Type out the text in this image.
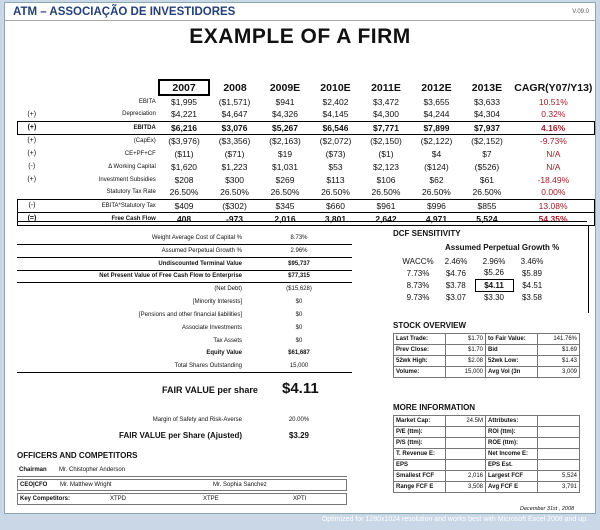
ATM – ASSOCIAÇÃO DE INVESTIDORES	V.09.0
EXAMPLE OF A FIRM
		2007	2008	2009E	2010E	2011E	2012E	2013E	CAGR(Y07/Y13)
	EBITA	$1,995	($1,571)	$941	$2,402	$3,472	$3,655	$3,633	10.51%
(+)	Depreciation	$4,221	$4,647	$4,326	$4,145	$4,300	$4,244	$4,304	0.32%
(+)	EBITDA	$6,216	$3,076	$5,267	$6,546	$7,771	$7,899	$7,937	4.16%
(+)	(CapEx)	($3,976)	($3,356)	($2,163)	($2,072)	($2,150)	($2,122)	($2,152)	-9.73%
(+)	CE+PF+CF	($11)	($71)	$19	($73)	($1)	$4	$7	N/A
(-)	Δ Working Capital	$1,620	$1,223	$1,031	$53	$2,123	($124)	($526)	N/A
(+)	Investment Subsidies	$208	$300	$269	$113	$106	$62	$61	-18.49%
	Statutory Tax Rate	26.50%	26.50%	26.50%	26.50%	26.50%	26.50%	26.50%	0.00%
(-)	EBITA*Statutory Tax	$409	($302)	$345	$660	$961	$996	$855	13.08%
(=)	Free Cash Flow	408	-973	2,016	3,801	2,642	4,971	5,524	54.35%
Weight Average Cost of Capital %	8.73%
Assumed Perpetual Growth %	2.96%
Undiscounted Terminal Value	$95,737
Net Present Value of Free Cash Flow to Enterprise	$77,315
(Net Debt)	($15,628)
[Minority Interests]	$0
[Pensions and other financial liabilities]	$0
Associate Investments	$0
Tax Assets	$0
Equity Value	$61,687
Total Shares Outstanding	15,000
FAIR VALUE per share $4.11
Margin of Safety and Risk-Averse	20.00%
FAIR VALUE per Share (Ajusted)	$3.29
OFFICERS AND COMPETITORS
Chairman Mr. Chistopher Anderson
CEO|CFO Mr. Matthew Wright	Mr. Sophia Sanchez
Key Competitors:	XTPD	XTPE	XPTI
DCF SENSITIVITY
Assumed Perpetual Growth %
WACC%	2.46%	2.96%	3.46%
7.73%	$4.76	$5.26	$5.89
8.73%	$3.78	$4.11	$4.51
9.73%	$3.07	$3.30	$3.58
STOCK OVERVIEW
Last Trade:	$1.70	to Fair Value:	141.76%
Prev Close:	$1.70	Bid	$1.69
52wk High:	$2.08	52wk Low:	$1.43
Volume:	15,000	Avg Vol (3n	3,009
MORE INFORMATION
Market Cap:	24.5M	Attributes:	
P/E (ttm):		ROI (ttm):	
P/S (ttm):		ROE (ttm):	
T. Revenue E:		Net Income E:	
EPS		EPS Est.	
Smallest FCF	2,016	Largest FCF	5,524
Range FCF E	3,508	Avg FCF E	3,791
December 31st , 2008
Optimized for 1280x1024 resolution and works best with Microsoft Excel 2008 and up.
